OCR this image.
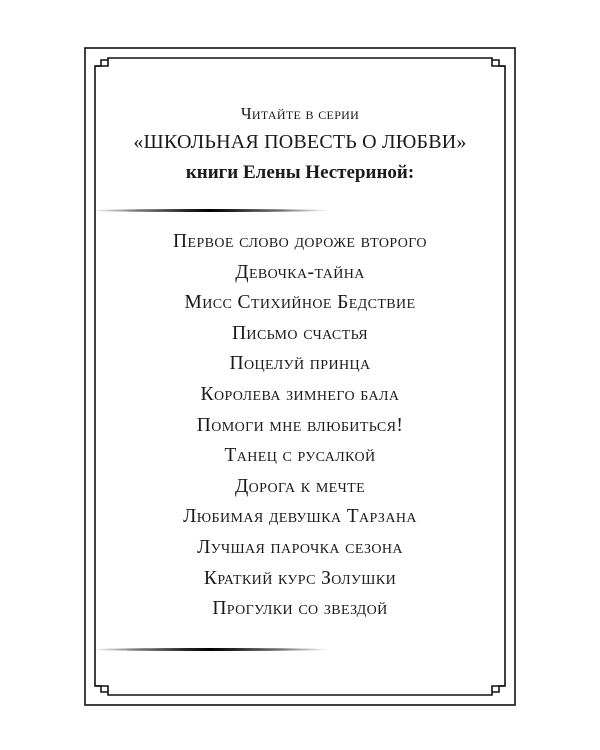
Читайте в серии
«ШКОЛЬНАЯ ПОВЕСТЬ О ЛЮБВИ»
книги Елены Нестериной:
Первое слово дороже второго
Девочка-тайна
Мисс Стихийное Бедствие
Письмо счастья
Поцелуй принца
Королева зимнего бала
Помоги мне влюбиться!
Танец с русалкой
Дорога к мечте
Любимая девушка Тарзана
Лучшая парочка сезона
Краткий курс Золушки
Прогулки со звездой
